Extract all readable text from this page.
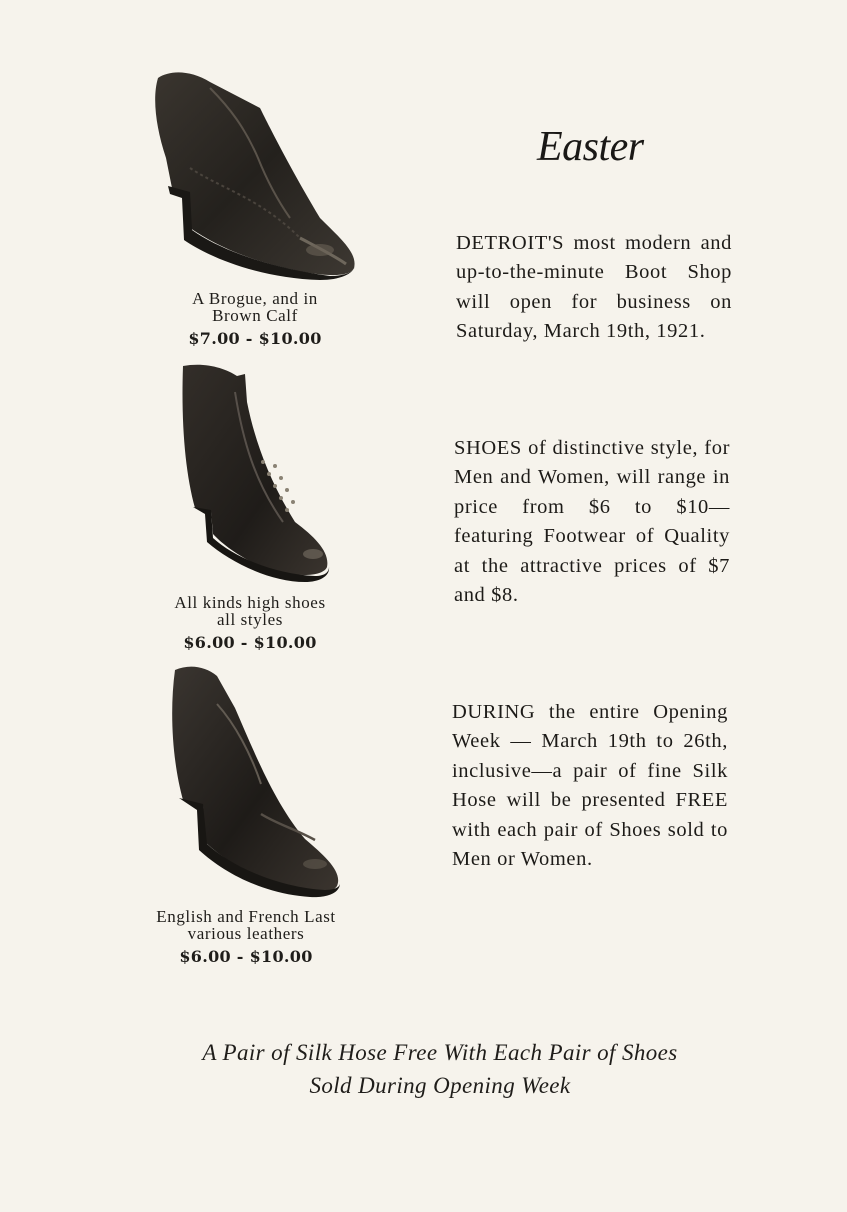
A Brogue, and in
Brown Calf
$7.00 - $10.00
All kinds high shoes
all styles
$6.00 - $10.00
English and French Last
various leathers
$6.00 - $10.00
Easter
DETROIT'S most modern and up-to-the-minute Boot Shop will open for business on Saturday, March 19th, 1921.
SHOES of distinctive style, for Men and Women, will range in price from $6 to $10—featuring Footwear of Quality at the attractive prices of $7 and $8.
DURING the entire Opening Week — March 19th to 26th, inclusive—a pair of fine Silk Hose will be presented FREE with each pair of Shoes sold to Men or Women.
A Pair of Silk Hose Free With Each Pair of Shoes
Sold During Opening Week
